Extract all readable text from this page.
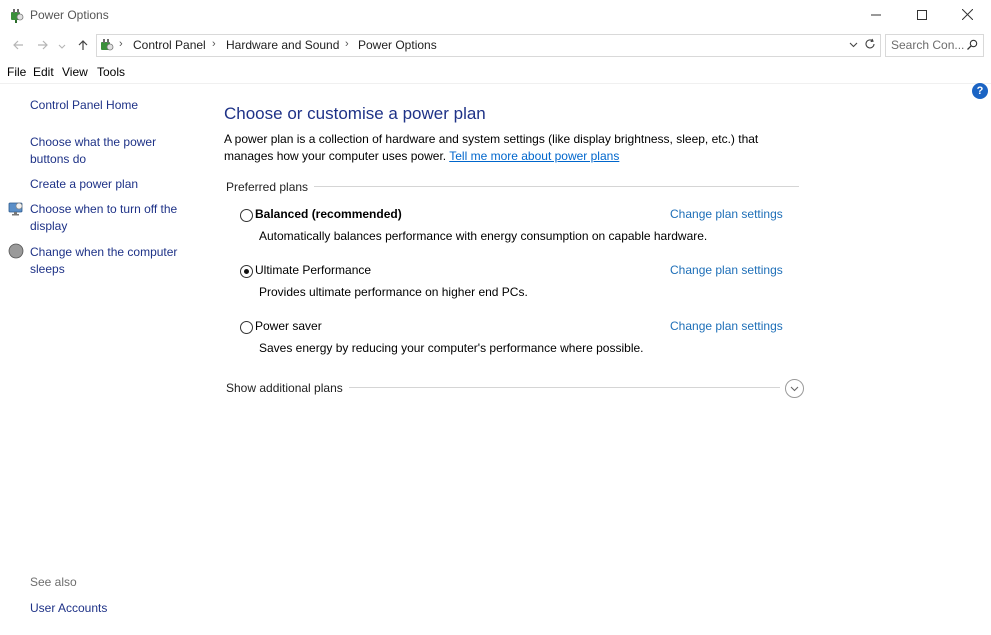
Power Options
› Control Panel › Hardware and Sound › Power Options	Search Con...
File Edit View Tools
?
Control Panel Home
Choose what the power
buttons do
Create a power plan
Choose when to turn off the
display
Change when the computer
sleeps
See also
User Accounts
Choose or customise a power plan
A power plan is a collection of hardware and system settings (like display brightness, sleep, etc.) that
manages how your computer uses power. Tell me more about power plans
Preferred plans
Balanced (recommended)
Automatically balances performance with energy consumption on capable hardware.
Change plan settings
Ultimate Performance
Provides ultimate performance on higher end PCs.
Change plan settings
Power saver
Saves energy by reducing your computer's performance where possible.
Change plan settings
Show additional plans
